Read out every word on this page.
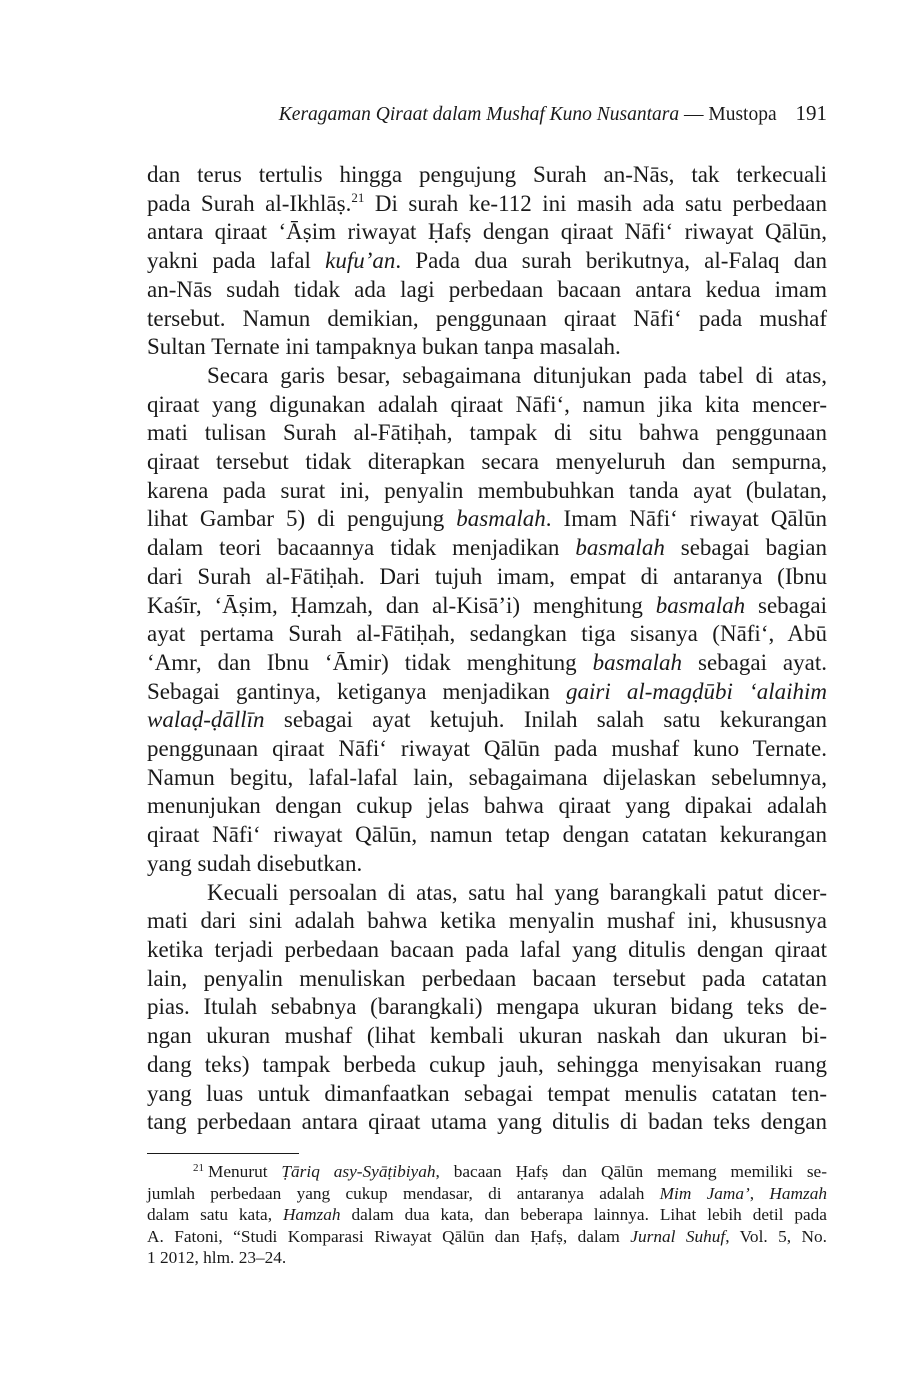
Keragaman Qiraat dalam Mushaf Kuno Nusantara — Mustopa 191
dan terus tertulis hingga pengujung Surah an-Nās, tak terkecuali
pada Surah al-Ikhlāṣ.$^{21}$ Di surah ke-112 ini masih ada satu perbedaan
antara qiraat ‘Āṣim riwayat Ḥafṣ dengan qiraat Nāfi‘ riwayat Qālūn,
yakni pada lafal kufu’an. Pada dua surah berikutnya, al-Falaq dan
an-Nās sudah tidak ada lagi perbedaan bacaan antara kedua imam
tersebut. Namun demikian, penggunaan qiraat Nāfi‘ pada mushaf
Sultan Ternate ini tampaknya bukan tanpa masalah.
Secara garis besar, sebagaimana ditunjukan pada tabel di atas,
qiraat yang digunakan adalah qiraat Nāfi‘, namun jika kita mencer-
mati tulisan Surah al-Fātiḥah, tampak di situ bahwa penggunaan
qiraat tersebut tidak diterapkan secara menyeluruh dan sempurna,
karena pada surat ini, penyalin membubuhkan tanda ayat (bulatan,
lihat Gambar 5) di pengujung basmalah. Imam Nāfi‘ riwayat Qālūn
dalam teori bacaannya tidak menjadikan basmalah sebagai bagian
dari Surah al-Fātiḥah. Dari tujuh imam, empat di antaranya (Ibnu
Kaśīr, ‘Āṣim, Ḥamzah, dan al-Kisā’i) menghitung basmalah sebagai
ayat pertama Surah al-Fātiḥah, sedangkan tiga sisanya (Nāfi‘, Abū
‘Amr, dan Ibnu ‘Āmir) tidak menghitung basmalah sebagai ayat.
Sebagai gantinya, ketiganya menjadikan gairi al-magḍūbi ‘alaihim
walaḍ-ḍāllīn sebagai ayat ketujuh. Inilah salah satu kekurangan
penggunaan qiraat Nāfi‘ riwayat Qālūn pada mushaf kuno Ternate.
Namun begitu, lafal-lafal lain, sebagaimana dijelaskan sebelumnya,
menunjukan dengan cukup jelas bahwa qiraat yang dipakai adalah
qiraat Nāfi‘ riwayat Qālūn, namun tetap dengan catatan kekurangan
yang sudah disebutkan.
Kecuali persoalan di atas, satu hal yang barangkali patut dicer-
mati dari sini adalah bahwa ketika menyalin mushaf ini, khususnya
ketika terjadi perbedaan bacaan pada lafal yang ditulis dengan qiraat
lain, penyalin menuliskan perbedaan bacaan tersebut pada catatan
pias. Itulah sebabnya (barangkali) mengapa ukuran bidang teks de-
ngan ukuran mushaf (lihat kembali ukuran naskah dan ukuran bi-
dang teks) tampak berbeda cukup jauh, sehingga menyisakan ruang
yang luas untuk dimanfaatkan sebagai tempat menulis catatan ten-
tang perbedaan antara qiraat utama yang ditulis di badan teks dengan
$^{21}$ Menurut Ṭāriq asy-Syāṭibiyah, bacaan Ḥafṣ dan Qālūn memang memiliki se-
jumlah perbedaan yang cukup mendasar, di antaranya adalah Mim Jama’, Hamzah
dalam satu kata, Hamzah dalam dua kata, dan beberapa lainnya. Lihat lebih detil pada
A. Fatoni, “Studi Komparasi Riwayat Qālūn dan Ḥafṣ, dalam Jurnal Suhuf, Vol. 5, No.
1 2012, hlm. 23–24.
